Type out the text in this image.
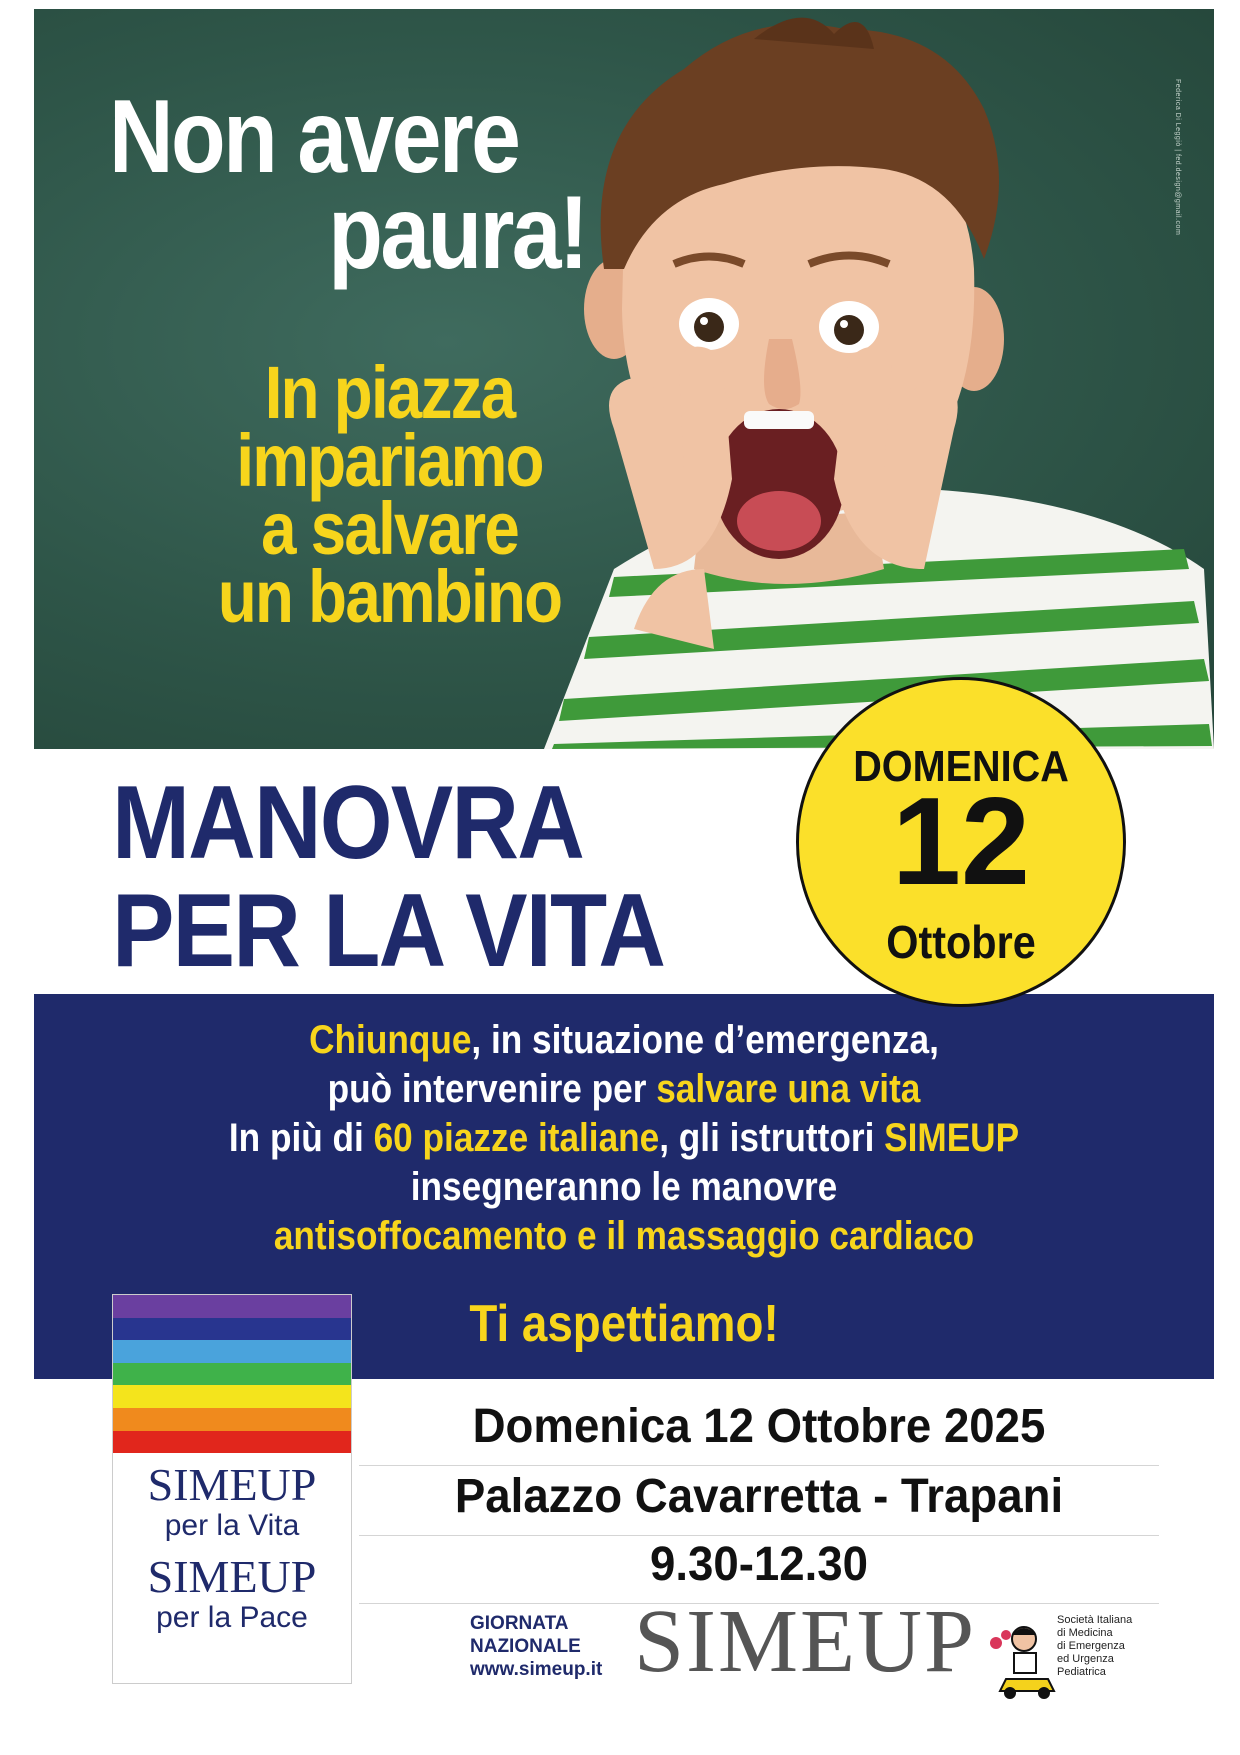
Non avere
paura!
In piazza
impariamo
a salvare
un bambino
Federica Di Leggiò | fed.design@gmail.com
MANOVRA
PER LA VITA
Chiunque, in situazione d’emergenza,
può intervenire per salvare una vita
In più di 60 piazze italiane, gli istruttori SIMEUP
insegneranno le manovre
antisoffocamento e il massaggio cardiaco
Ti aspettiamo!
DOMENICA
12
Ottobre
SIMEUP
per la Vita
SIMEUP
per la Pace
Domenica 12 Ottobre 2025
Palazzo Cavarretta - Trapani
9.30-12.30
GIORNATA
NAZIONALE
www.simeup.it SIMEUP	Società Italiana
di Medicina
di Emergenza
ed Urgenza
Pediatrica
